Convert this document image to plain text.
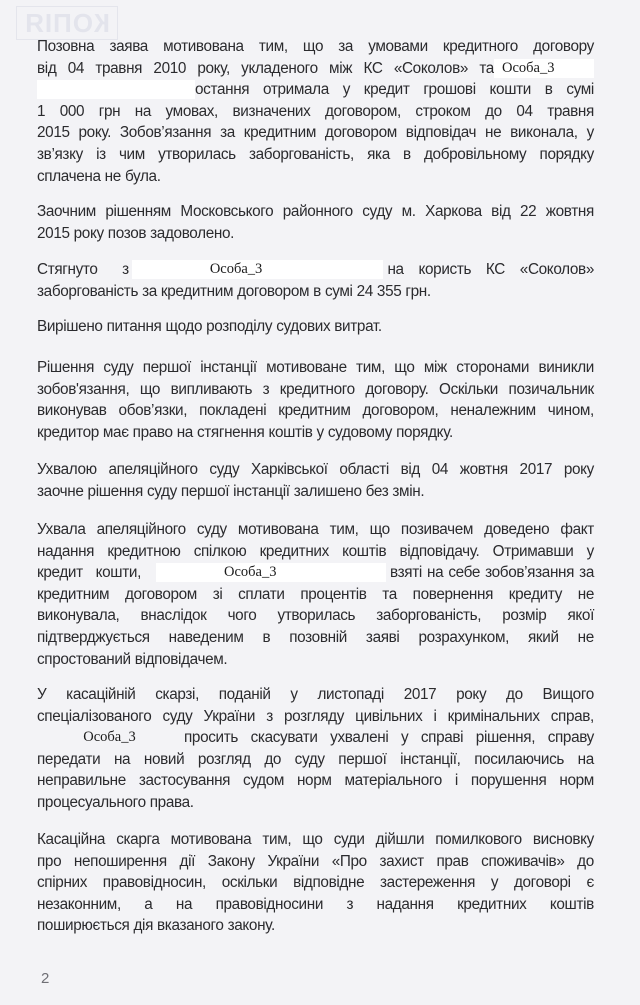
КОПІЯ
Позовна заява мотивована тим, що за умовами кредитного договору
від 04 травня 2010 року, укладеного між КС «Соколов» та Особа_3
остання отримала у кредит грошові кошти в сумі
1 000 грн на умовах, визначених договором, строком до 04 травня
2015 року. Зобов’язання за кредитним договором відповідач не виконала, у
зв’язку із чим утворилась заборгованість, яка в добровільному порядку
сплачена не була.
Заочним рішенням Московського районного суду м. Харкова від 22 жовтня
2015 року позов задоволено.
Стягнуто з	Особа_3	на користь КС «Соколов»
заборгованість за кредитним договором в сумі 24 355 грн.
Вирішено питання щодо розподілу судових витрат.
Рішення суду першої інстанції мотивоване тим, що між сторонами виникли
зобов'язання, що випливають з кредитного договору. Оскільки позичальник
виконував обов’язки, покладені кредитним договором, неналежним чином,
кредитор має право на стягнення коштів у судовому порядку.
Ухвалою апеляційного суду Харківської області від 04 жовтня 2017 року
заочне рішення суду першої інстанції залишено без змін.
Ухвала апеляційного суду мотивована тим, що позивачем доведено факт
надання кредитною спілкою кредитних коштів відповідачу. Отримавши у
кредит кошти,	Особа_3	взяті на себе зобов’язання за
кредитним договором зі сплати процентів та повернення кредиту не
виконувала, внаслідок чого утворилась заборгованість, розмір якої
підтверджується наведеним в позовній заяві розрахунком, який не
спростований відповідачем.
У касаційній скарзі, поданій у листопаді 2017 року до Вищого
спеціалізованого суду України з розгляду цивільних і кримінальних справ,
Особа_3	просить скасувати ухвалені у справі рішення, справу
передати на новий розгляд до суду першої інстанції, посилаючись на
неправильне застосування судом норм матеріального і порушення норм
процесуального права.
Касаційна скарга мотивована тим, що суди дійшли помилкового висновку
про непоширення дії Закону України «Про захист прав споживачів» до
спірних правовідносин, оскільки відповідне застереження у договорі є
незаконним, а на правовідносини з надання кредитних коштів
поширюється дія вказаного закону.
2
